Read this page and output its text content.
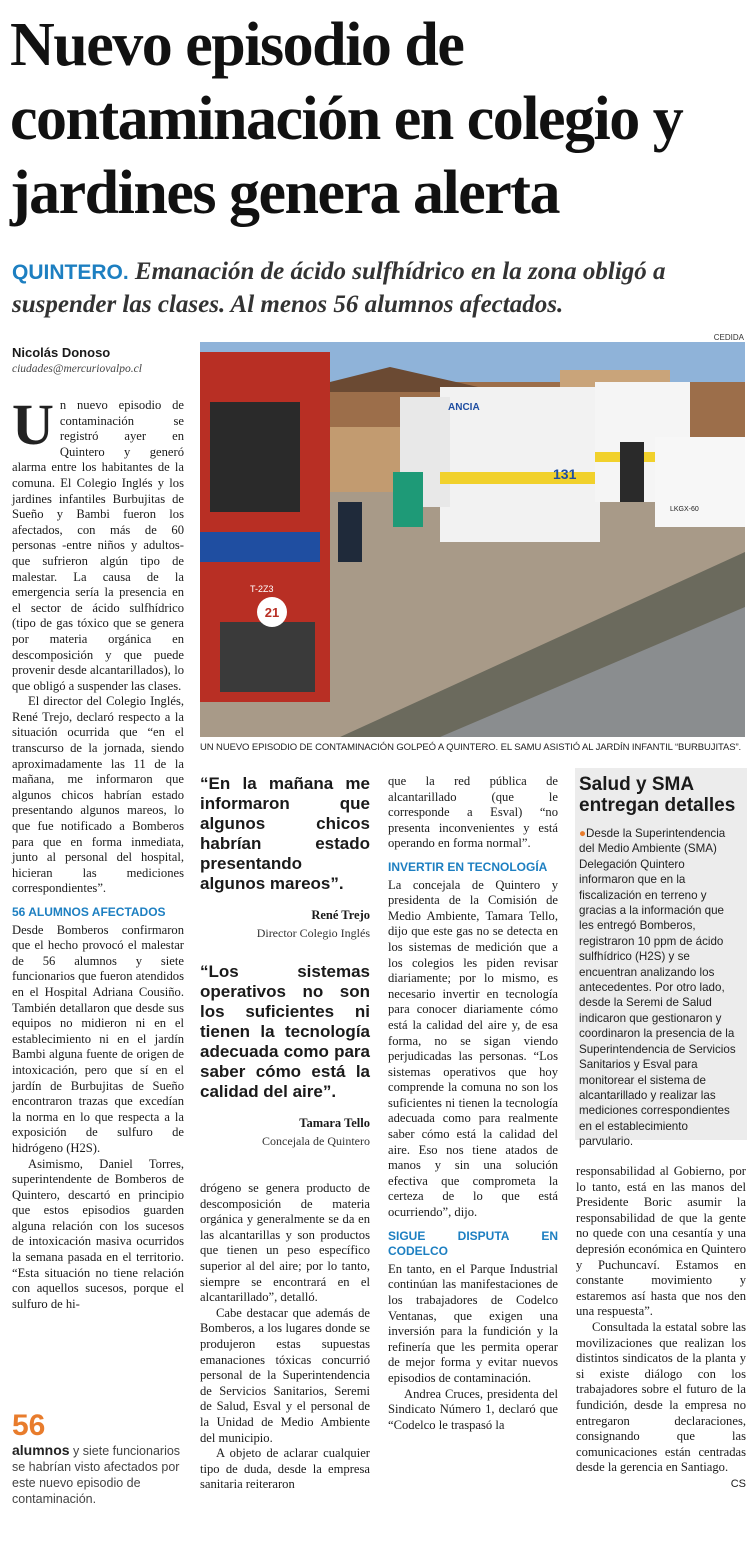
Nuevo episodio de contaminación en colegio y jardines genera alerta
QUINTERO. Emanación de ácido sulfhídrico en la zona obligó a suspender las clases. Al menos 56 alumnos afectados.
Nicolás Donoso
ciudades@mercuriovalpo.cl
CEDIDA
21
T-2Z3
ANCIA
131
LKGX-60
UN NUEVO EPISODIO DE CONTAMINACIÓN GOLPEÓ A QUINTERO. EL SAMU ASISTIÓ AL JARDÍN INFANTIL “BURBUJITAS”.

Un nuevo episodio de contaminación se registró ayer en Quintero y generó alarma entre los habitantes de la comuna. El Colegio Inglés y los jardines infantiles Burbujitas de Sueño y Bambi fueron los afectados, con más de 60 personas -entre niños y adultos- que sufrieron algún tipo de malestar. La causa de la emergencia sería la presencia en el sector de ácido sulfhídrico (tipo de gas tóxico que se genera por materia orgánica en descomposición y que puede provenir desde alcantarillados), lo que obligó a suspender las clases.

El director del Colegio Inglés, René Trejo, declaró respecto a la situación ocurrida que “en el transcurso de la jornada, siendo aproximadamente las 11 de la mañana, me informaron que algunos chicos habrían estado presentando algunos mareos, lo que fue notificado a Bomberos para que en forma inmediata, junto al personal del hospital, hicieran las mediciones correspondientes”.

56 ALUMNOS AFECTADOS

Desde Bomberos confirmaron que el hecho provocó el malestar de 56 alumnos y siete funcionarios que fueron atendidos en el Hospital Adriana Cousiño. También detallaron que desde sus equipos no midieron ni en el establecimiento ni en el jardín Bambi alguna fuente de origen de intoxicación, pero que sí en el jardín de Burbujitas de Sueño encontraron trazas que excedían la norma en lo que respecta a la exposición de sulfuro de hidrógeno (H2S).

Asimismo, Daniel Torres, superintendente de Bomberos de Quintero, descartó en principio que estos episodios guarden alguna relación con los sucesos de intoxicación masiva ocurridos la semana pasada en el territorio. “Esta situación no tiene relación con aquellos sucesos, porque el sulfuro de hi-

56
alumnos y siete funcionarios se habrían visto afectados por este nuevo episodio de contaminación.
“En la mañana me informaron que algunos chicos habrían estado presentando algunos mareos”.
René Trejo
Director Colegio Inglés
“Los sistemas operativos no son los suficientes ni tienen la tecnología adecuada como para saber cómo está la calidad del aire”.
Tamara Tello
Concejala de Quintero

drógeno se genera producto de descomposición de materia orgánica y generalmente se da en las alcantarillas y son productos que tienen un peso específico superior al del aire; por lo tanto, siempre se encontrará en el alcantarillado”, detalló.

Cabe destacar que además de Bomberos, a los lugares donde se produjeron estas supuestas emanaciones tóxicas concurrió personal de la Superintendencia de Servicios Sanitarios, Seremi de Salud, Esval y el personal de la Unidad de Medio Ambiente del municipio.

A objeto de aclarar cualquier tipo de duda, desde la empresa sanitaria reiteraron

que la red pública de alcantarillado (que le corresponde a Esval) “no presenta inconvenientes y está operando en forma normal”.

INVERTIR EN TECNOLOGÍA

La concejala de Quintero y presidenta de la Comisión de Medio Ambiente, Tamara Tello, dijo que este gas no se detecta en los sistemas de medición que a los colegios les piden revisar diariamente; por lo mismo, es necesario invertir en tecnología para conocer diariamente cómo está la calidad del aire y, de esa forma, no se sigan viendo perjudicadas las personas. “Los sistemas operativos que hoy comprende la comuna no son los suficientes ni tienen la tecnología adecuada como para realmente saber cómo está la calidad del aire. Eso nos tiene atados de manos y sin una solución efectiva que comprometa la certeza de lo que está ocurriendo”, dijo.

SIGUE DISPUTA EN CODELCO

En tanto, en el Parque Industrial continúan las manifestaciones de los trabajadores de Codelco Ventanas, que exigen una inversión para la fundición y la refinería que les permita operar de mejor forma y evitar nuevos episodios de contaminación.

Andrea Cruces, presidenta del Sindicato Número 1, declaró que “Codelco le traspasó la

Salud y SMA entregan detalles
●Desde la Superintendencia del Medio Ambiente (SMA) Delegación Quintero informaron que en la fiscalización en terreno y gracias a la información que les entregó Bomberos, registraron 10 ppm de ácido sulfhídrico (H2S) y se encuentran analizando los antecedentes. Por otro lado, desde la Seremi de Salud indicaron que gestionaron y coordinaron la presencia de la Superintendencia de Servicios Sanitarios y Esval para monitorear el sistema de alcantarillado y realizar las mediciones correspondientes en el establecimiento parvulario.

responsabilidad al Gobierno, por lo tanto, está en las manos del Presidente Boric asumir la responsabilidad de que la gente no quede con una cesantía y una depresión económica en Quintero y Puchuncaví. Estamos en constante movimiento y estaremos así hasta que nos den una respuesta”.

Consultada la estatal sobre las movilizaciones que realizan los distintos sindicatos de la planta y si existe diálogo con los trabajadores sobre el futuro de la fundición, desde la empresa no entregaron declaraciones, consignando que las comunicaciones están centradas desde la gerencia en Santiago.

CS
